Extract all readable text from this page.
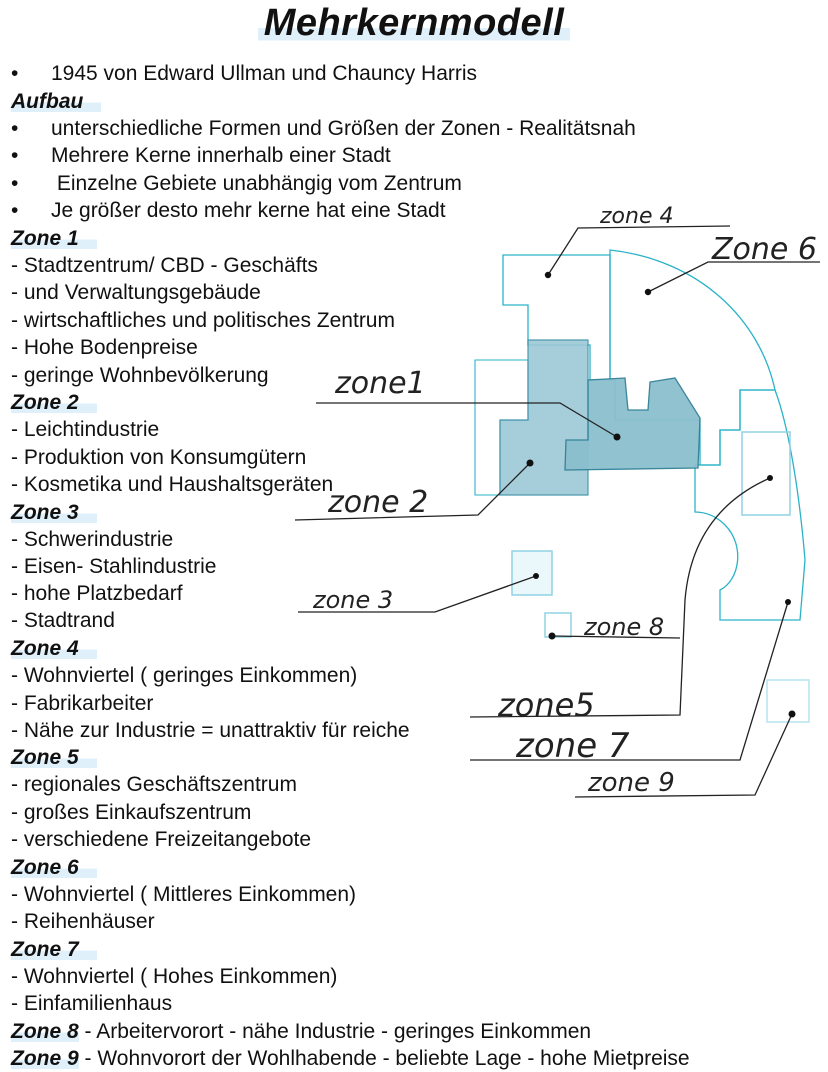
Mehrkernmodell
• 1945 von Edward Ullman und Chauncy Harris
Aufbau
• unterschiedliche Formen und Größen der Zonen - Realitätsnah
• Mehrere Kerne innerhalb einer Stadt
• Einzelne Gebiete unabhängig vom Zentrum
• Je größer desto mehr kerne hat eine Stadt
Zone 1
- Stadtzentrum/ CBD - Geschäfts
- und Verwaltungsgebäude
- wirtschaftliches und politisches Zentrum
- Hohe Bodenpreise
- geringe Wohnbevölkerung
Zone 2
- Leichtindustrie
- Produktion von Konsumgütern
- Kosmetika und Haushaltsgeräten
Zone 3
- Schwerindustrie
- Eisen- Stahlindustrie
- hohe Platzbedarf
- Stadtrand
Zone 4
- Wohnviertel ( geringes Einkommen)
- Fabrikarbeiter
- Nähe zur Industrie = unattraktiv für reiche
Zone 5
- regionales Geschäftszentrum
- großes Einkaufszentrum
- verschiedene Freizeitangebote
Zone 6
- Wohnviertel ( Mittleres Einkommen)
- Reihenhäuser
Zone 7
- Wohnviertel ( Hohes Einkommen)
- Einfamilienhaus
Zone 8 - Arbeitervorort - nähe Industrie - geringes Einkommen
Zone 9 - Wohnvorort der Wohlhabende - beliebte Lage - hohe Mietpreise
zone 4
Zone 6
zone1
zone 2
zone 3
zone 8
zone5
zone 7
zone 9
